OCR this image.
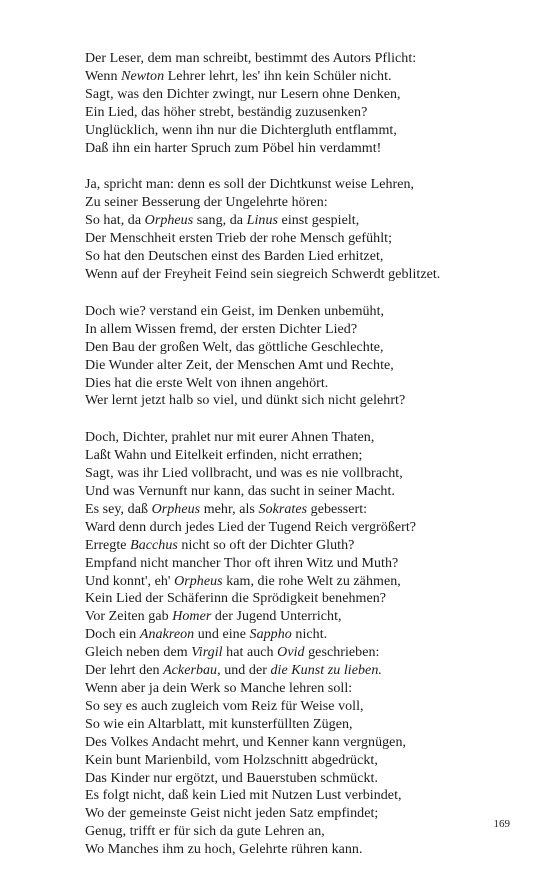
Der Leser, dem man schreibt, bestimmt des Autors Pflicht:
Wenn Newton Lehrer lehrt, les' ihn kein Schüler nicht.
Sagt, was den Dichter zwingt, nur Lesern ohne Denken,
Ein Lied, das höher strebt, beständig zuzusenken?
Unglücklich, wenn ihn nur die Dichtergluth entflammt,
Daß ihn ein harter Spruch zum Pöbel hin verdammt!
Ja, spricht man: denn es soll der Dichtkunst weise Lehren,
Zu seiner Besserung der Ungelehrte hören:
So hat, da Orpheus sang, da Linus einst gespielt,
Der Menschheit ersten Trieb der rohe Mensch gefühlt;
So hat den Deutschen einst des Barden Lied erhitzet,
Wenn auf der Freyheit Feind sein siegreich Schwerdt geblitzet.
Doch wie? verstand ein Geist, im Denken unbemüht,
In allem Wissen fremd, der ersten Dichter Lied?
Den Bau der großen Welt, das göttliche Geschlechte,
Die Wunder alter Zeit, der Menschen Amt und Rechte,
Dies hat die erste Welt von ihnen angehört.
Wer lernt jetzt halb so viel, und dünkt sich nicht gelehrt?
Doch, Dichter, prahlet nur mit eurer Ahnen Thaten,
Laßt Wahn und Eitelkeit erfinden, nicht errathen;
Sagt, was ihr Lied vollbracht, und was es nie vollbracht,
Und was Vernunft nur kann, das sucht in seiner Macht.
Es sey, daß Orpheus mehr, als Sokrates gebessert:
Ward denn durch jedes Lied der Tugend Reich vergrößert?
Erregte Bacchus nicht so oft der Dichter Gluth?
Empfand nicht mancher Thor oft ihren Witz und Muth?
Und konnt', eh' Orpheus kam, die rohe Welt zu zähmen,
Kein Lied der Schäferinn die Sprödigkeit benehmen?
Vor Zeiten gab Homer der Jugend Unterricht,
Doch ein Anakreon und eine Sappho nicht.
Gleich neben dem Virgil hat auch Ovid geschrieben:
Der lehrt den Ackerbau, und der die Kunst zu lieben.
Wenn aber ja dein Werk so Manche lehren soll:
So sey es auch zugleich vom Reiz für Weise voll,
So wie ein Altarblatt, mit kunsterfüllten Zügen,
Des Volkes Andacht mehrt, und Kenner kann vergnügen,
Kein bunt Marienbild, vom Holzschnitt abgedrückt,
Das Kinder nur ergötzt, und Bauerstuben schmückt.
Es folgt nicht, daß kein Lied mit Nutzen Lust verbindet,
Wo der gemeinste Geist nicht jeden Satz empfindet;
Genug, trifft er für sich da gute Lehren an,
Wo Manches ihm zu hoch, Gelehrte rühren kann.
169
